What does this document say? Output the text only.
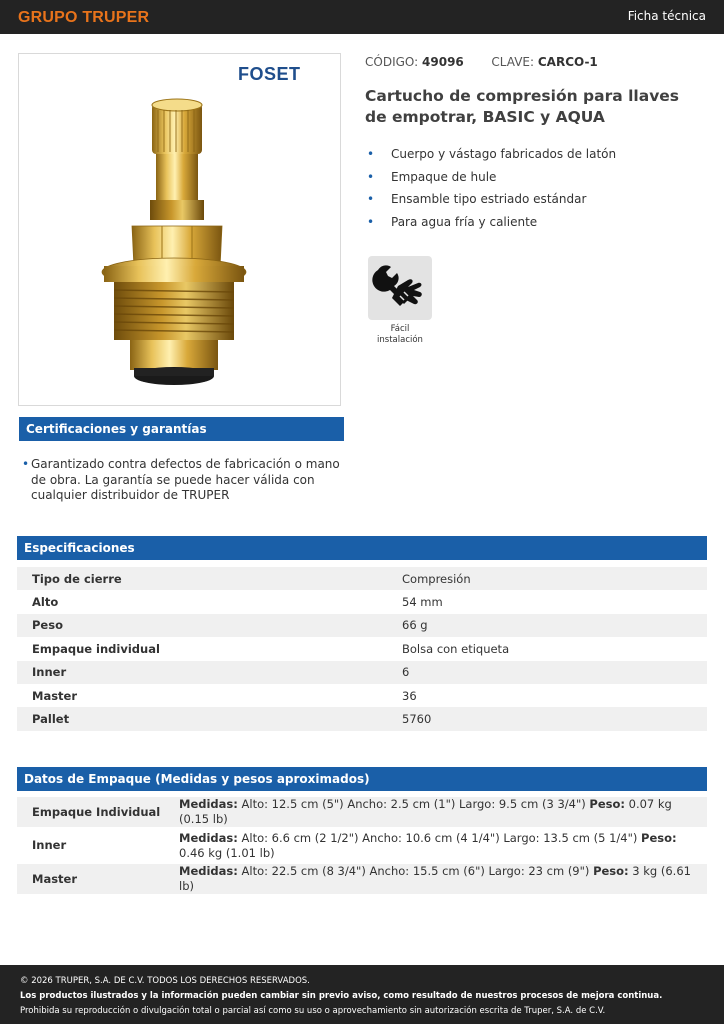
GRUPO TRUPER	Ficha técnica
FOSET
CÓDIGO: 49096 CLAVE: CARCO-1
Cartucho de compresión para llaves de empotrar, BASIC y AQUA
• Cuerpo y vástago fabricados de latón
• Empaque de hule
• Ensamble tipo estriado estándar
• Para agua fría y caliente
Fácil
instalación
Certificaciones y garantías
• Garantizado contra defectos de fabricación o mano de obra. La garantía se puede hacer válida con cualquier distribuidor de TRUPER
Especificaciones
Tipo de cierre	Compresión
Alto	54 mm
Peso	66 g
Empaque individual	Bolsa con etiqueta
Inner	6
Master	36
Pallet	5760
Datos de Empaque (Medidas y pesos aproximados)
Empaque Individual	Medidas: Alto: 12.5 cm (5") Ancho: 2.5 cm (1") Largo: 9.5 cm (3 3/4") Peso: 0.07 kg (0.15 lb)
Inner	Medidas: Alto: 6.6 cm (2 1/2") Ancho: 10.6 cm (4 1/4") Largo: 13.5 cm (5 1/4") Peso: 0.46 kg (1.01 lb)
Master	Medidas: Alto: 22.5 cm (8 3/4") Ancho: 15.5 cm (6") Largo: 23 cm (9") Peso: 3 kg (6.61 lb)
© 2026 TRUPER, S.A. DE C.V. TODOS LOS DERECHOS RESERVADOS.
Los productos ilustrados y la información pueden cambiar sin previo aviso, como resultado de nuestros procesos de mejora continua.
Prohibida su reproducción o divulgación total o parcial así como su uso o aprovechamiento sin autorización escrita de Truper, S.A. de C.V.
